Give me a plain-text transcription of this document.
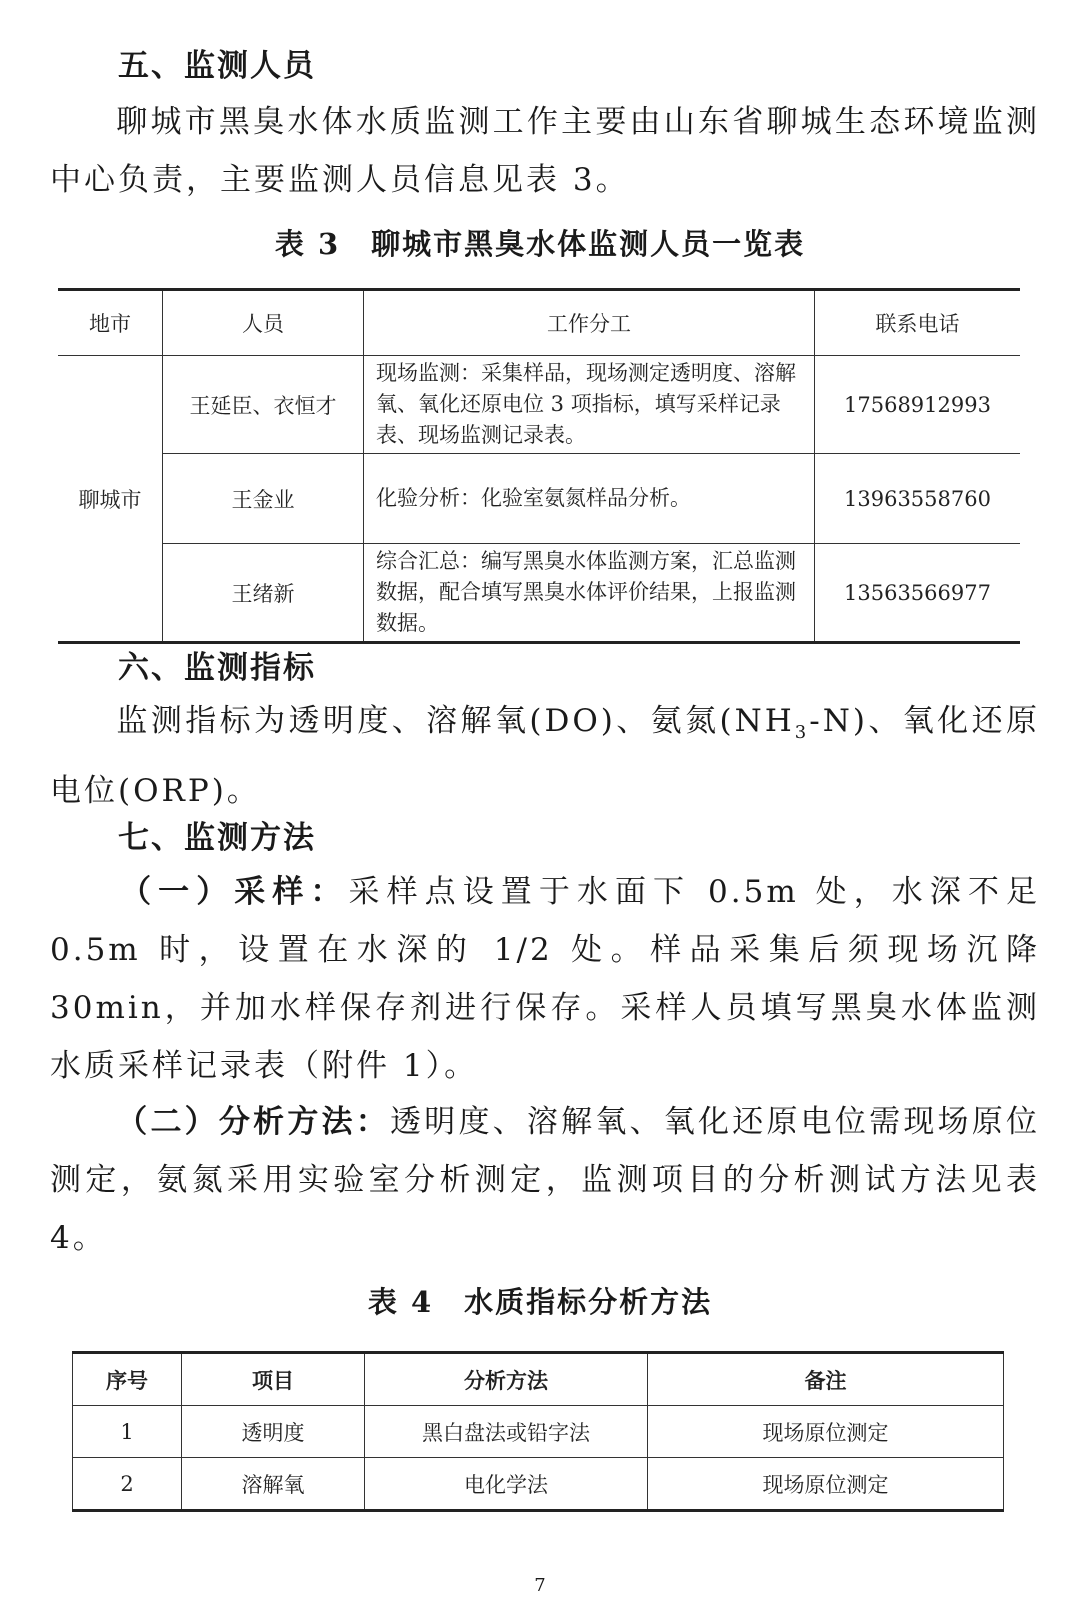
五、监测人员
聊城市黑臭水体水质监测工作主要由山东省聊城生态环境监测中心负责，主要监测人员信息见表 3。
表 3　聊城市黑臭水体监测人员一览表
地市	人员	工作分工	联系电话
聊城市	王延臣、衣恒才	现场监测：采集样品，现场测定透明度、溶解氧、氧化还原电位 3 项指标，填写采样记录表、现场监测记录表。	17568912993
	王金业	化验分析：化验室氨氮样品分析。	13963558760
	王绪新	综合汇总：编写黑臭水体监测方案，汇总监测数据，配合填写黑臭水体评价结果，上报监测数据。	13563566977
六、监测指标
监测指标为透明度、溶解氧(DO)、氨氮$(NH_3-N)$、氧化还原电位(ORP)。
七、监测方法
（一）采样：采样点设置于水面下 0.5m 处，水深不足 0.5m 时，设置在水深的 1/2 处。样品采集后须现场沉降 30min，并加水样保存剂进行保存。采样人员填写黑臭水体监测水质采样记录表（附件 1）。
（二）分析方法：透明度、溶解氧、氧化还原电位需现场原位测定，氨氮采用实验室分析测定，监测项目的分析测试方法见表 4。
表 4　水质指标分析方法
序号	项目	分析方法	备注
1	透明度	黑白盘法或铅字法	现场原位测定
2	溶解氧	电化学法	现场原位测定
7
